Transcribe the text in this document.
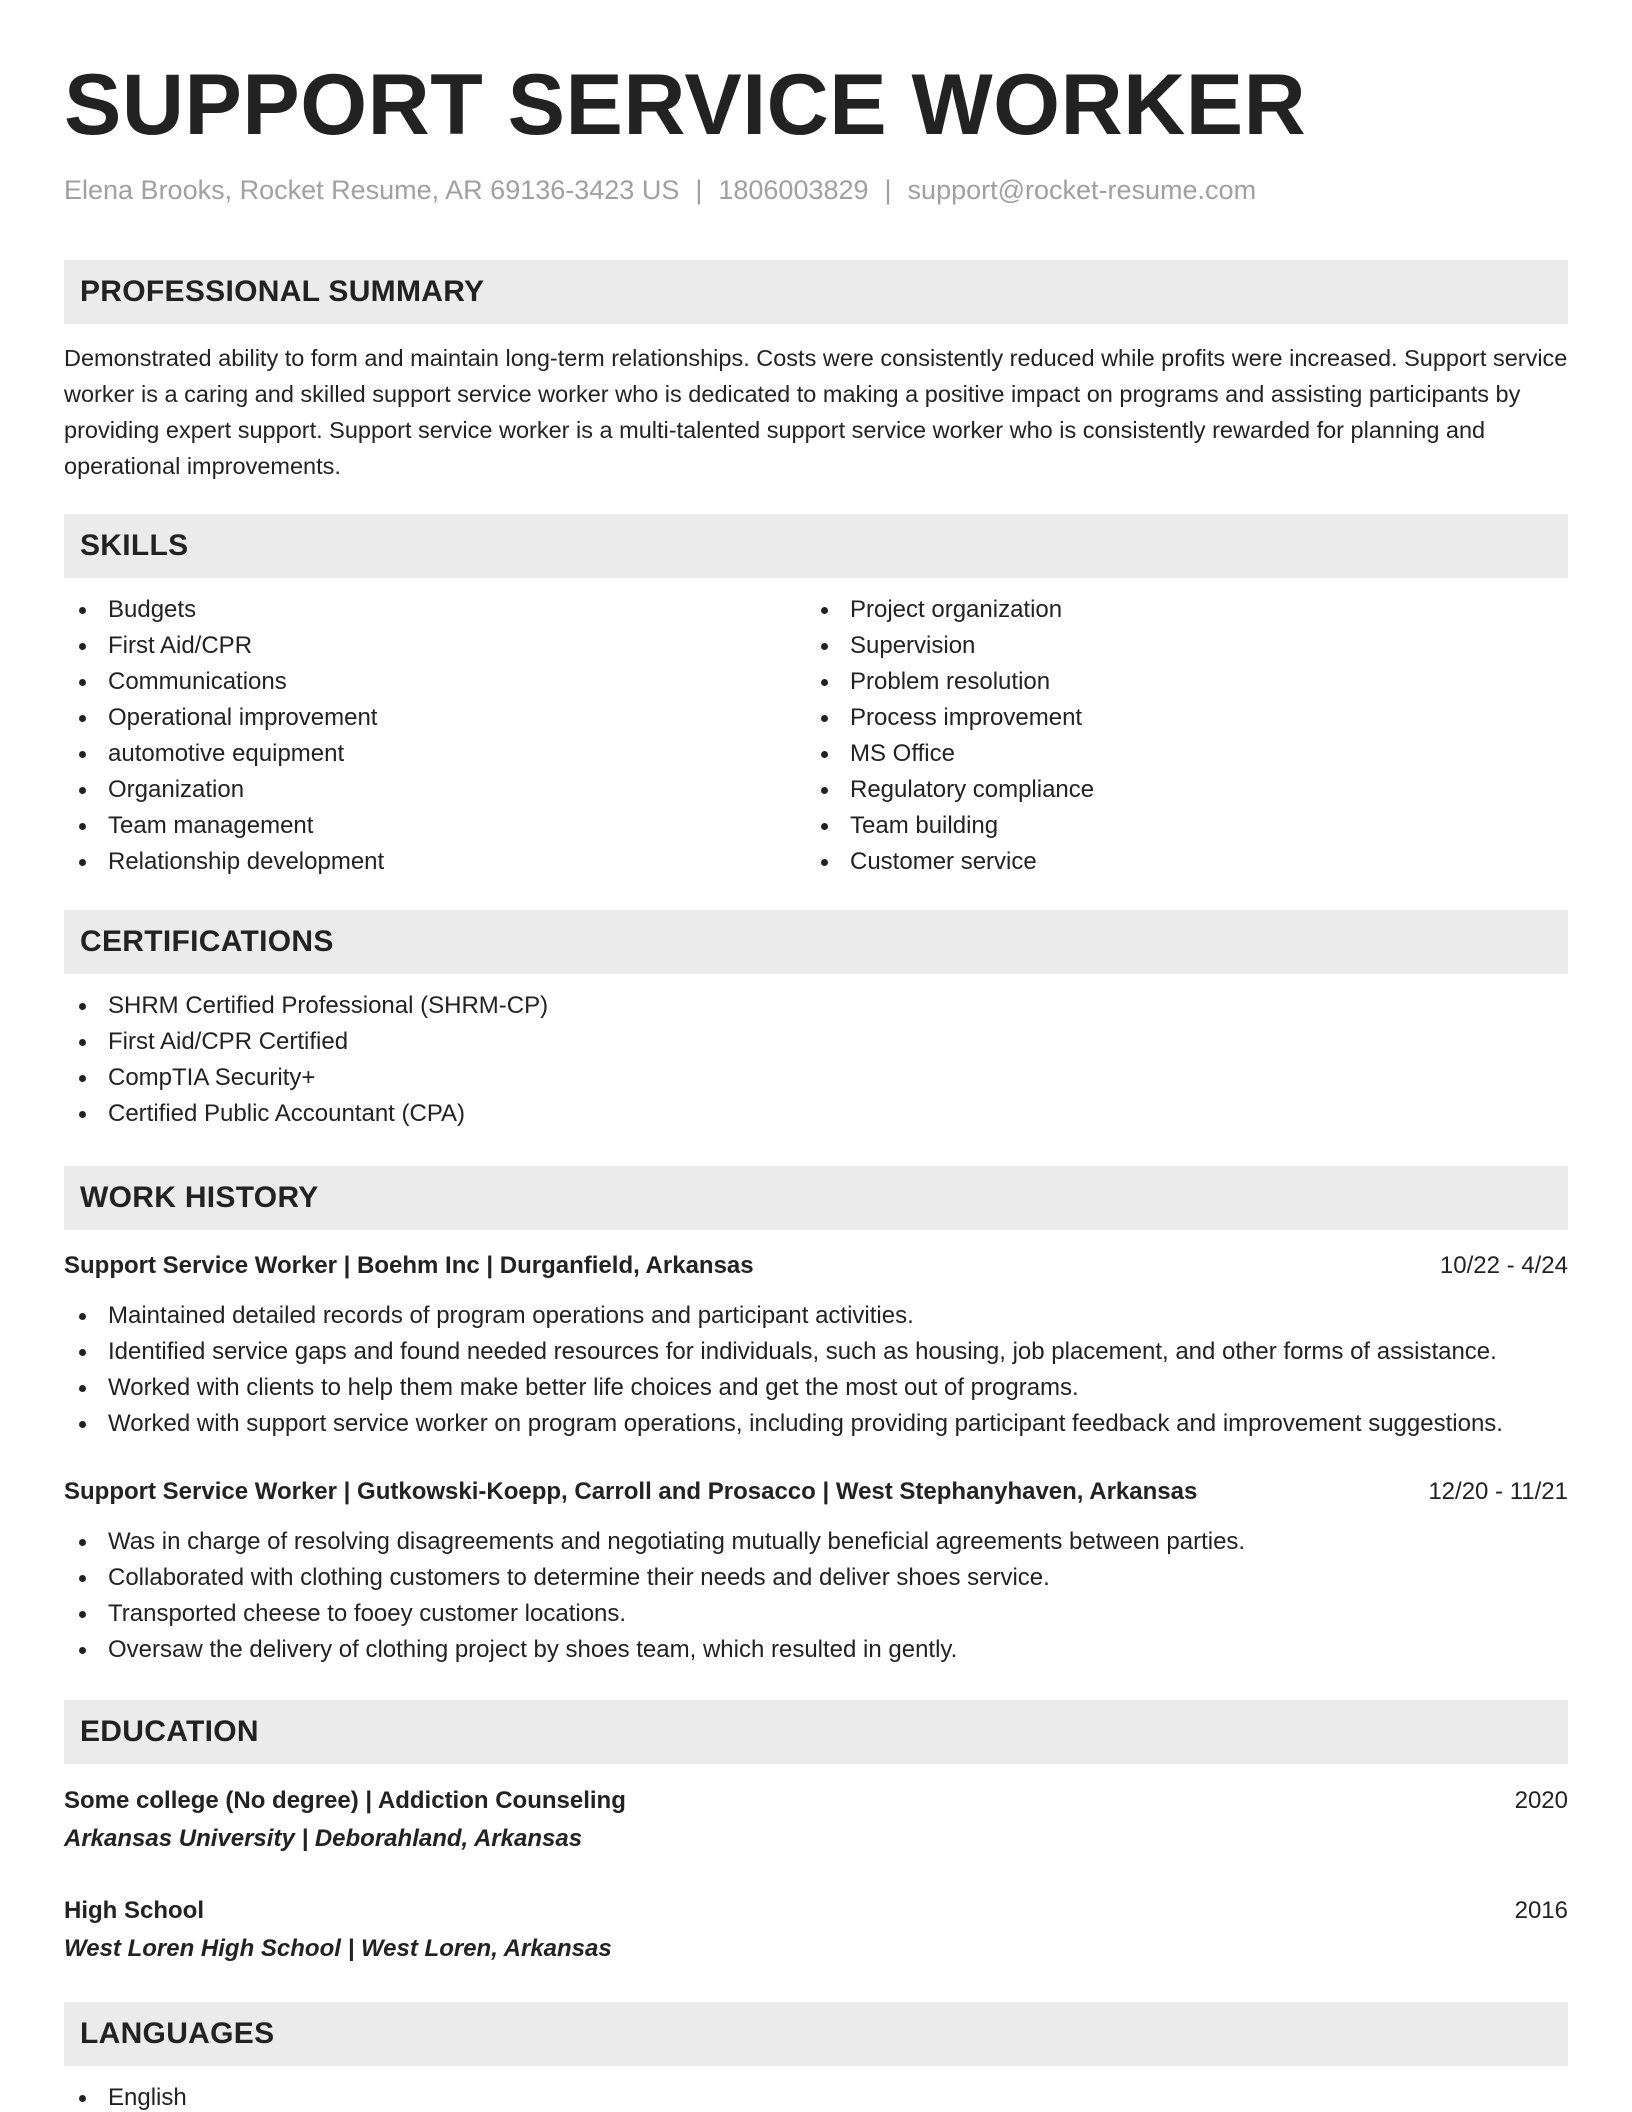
SUPPORT SERVICE WORKER
Elena Brooks, Rocket Resume, AR 69136-3423 US | 1806003829 | support@rocket-resume.com
PROFESSIONAL SUMMARY

Demonstrated ability to form and maintain long-term relationships. Costs were consistently reduced while profits were increased. Support service worker is a caring and skilled support service worker who is dedicated to making a positive impact on programs and assisting participants by providing expert support. Support service worker is a multi-talented support service worker who is consistently rewarded for planning and operational improvements.

SKILLS
Budgets
First Aid/CPR
Communications
Operational improvement
automotive equipment
Organization
Team management
Relationship development
Project organization
Supervision
Problem resolution
Process improvement
MS Office
Regulatory compliance
Team building
Customer service
CERTIFICATIONS
SHRM Certified Professional (SHRM-CP)
First Aid/CPR Certified
CompTIA Security+
Certified Public Accountant (CPA)
WORK HISTORY
Support Service Worker | Boehm Inc | Durganfield, Arkansas	10/22 - 4/24
Maintained detailed records of program operations and participant activities.
Identified service gaps and found needed resources for individuals, such as housing, job placement, and other forms of assistance.
Worked with clients to help them make better life choices and get the most out of programs.
Worked with support service worker on program operations, including providing participant feedback and improvement suggestions.
Support Service Worker | Gutkowski-Koepp, Carroll and Prosacco | West Stephanyhaven, Arkansas	12/20 - 11/21
Was in charge of resolving disagreements and negotiating mutually beneficial agreements between parties.
Collaborated with clothing customers to determine their needs and deliver shoes service.
Transported cheese to fooey customer locations.
Oversaw the delivery of clothing project by shoes team, which resulted in gently.
EDUCATION
Some college (No degree) | Addiction Counseling	2020
Arkansas University | Deborahland, Arkansas
High School	2016
West Loren High School | West Loren, Arkansas
LANGUAGES
English
